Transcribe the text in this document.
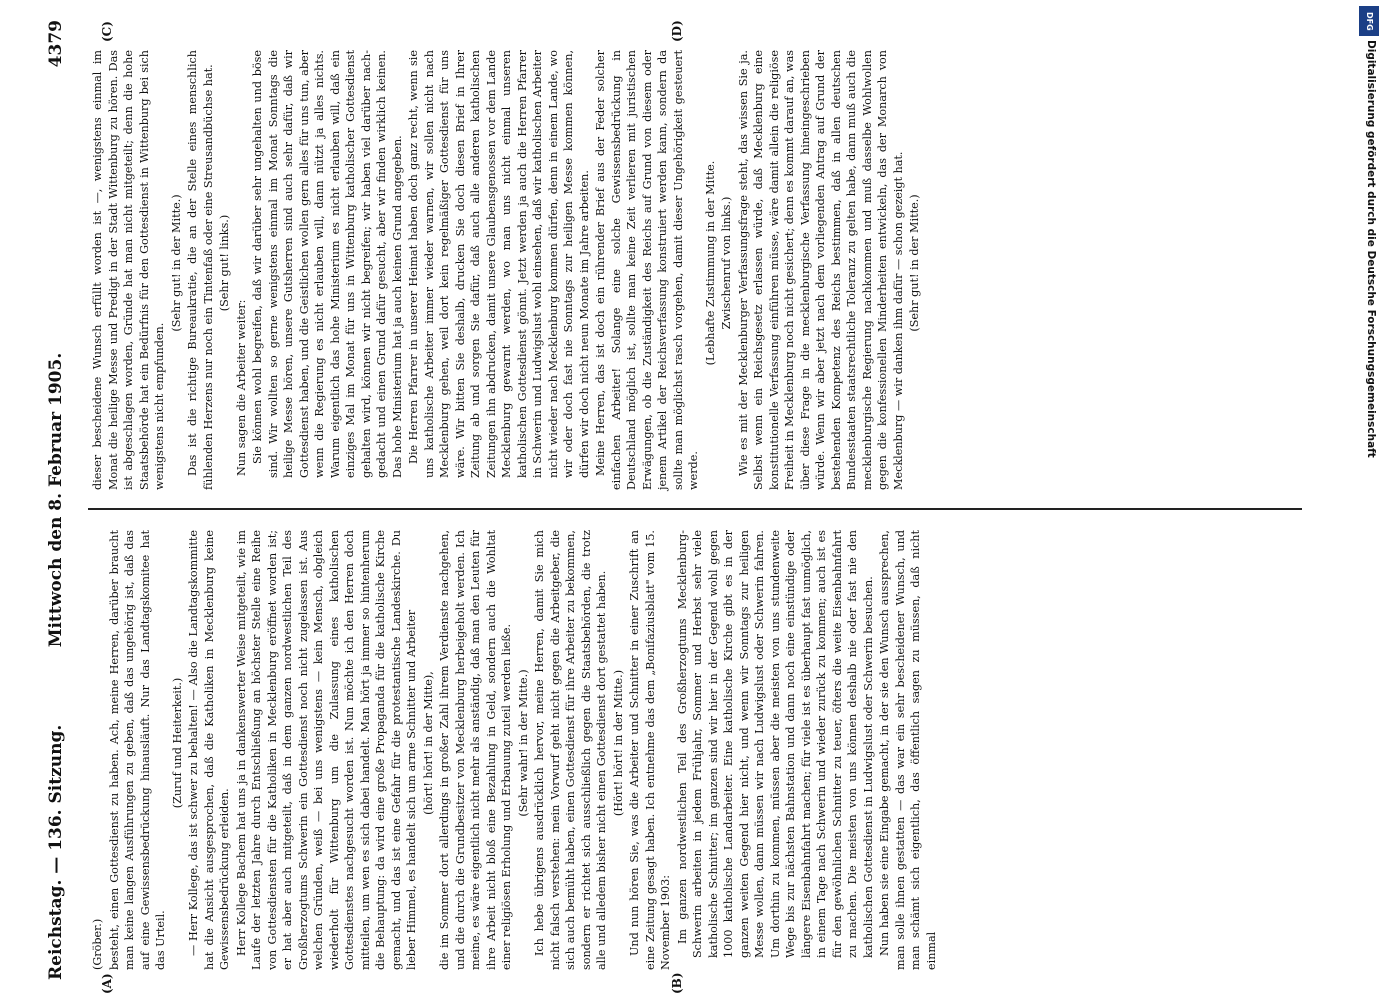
Reichstag. — 136. Sitzung.
Mittwoch den 8. Februar 1905.
4379
(A)	(B)
(C)	(D)

(Gröber.) besteht, einen Gottesdienst zu haben. Ach, meine Herren, darüber braucht man keine langen Ausführungen zu geben, daß das ungehörig ist, daß das auf eine Gewissensbedrückung hinausläuft. Nur das Landtagskomitee hat das Urteil.

(Zuruf und Heiterkeit.) — Herr Kollege, das ist schwer zu behalten! — Also die Landtagskommitte hat die Ansicht ausgesprochen, daß die Katholiken in Mecklenburg keine Gewissensbedrückung erleiden. Herr Kollege Bachem hat uns ja in dankenswerter Weise mitgeteilt, wie im Laufe der letzten Jahre durch Entschließung an höchster Stelle eine Reihe von Gottesdiensten für die Katholiken in Mecklenburg eröffnet worden ist; er hat aber auch mitgeteilt, daß in dem ganzen nordwestlichen Teil des Großherzogtums Schwerin ein Gottesdienst noch nicht zugelassen ist. Aus welchen Gründen, weiß — bei uns wenigstens — kein Mensch, obgleich wiederholt für Wittenburg um die Zulassung eines katholischen Gottesdienstes nachgesucht worden ist. Nun möchte ich den Herren doch mitteilen, um wen es sich dabei handelt. Man hört ja immer so hintenherum die Behauptung: da wird eine große Propaganda für die katholische Kirche gemacht, und das ist eine Gefahr für die protestantische Landeskirche. Du lieber Himmel, es handelt sich um arme Schnitter und Arbeiter (hört! hört! in der Mitte), die im Sommer dort allerdings in großer Zahl ihrem Verdienste nachgehen, und die durch die Grundbesitzer von Mecklenburg herbeigeholt werden. Ich meine, es wäre eigentlich nicht mehr als anständig, daß man den Leuten für ihre Arbeit nicht bloß eine Bezahlung in Geld, sondern auch die Wohltat einer religiösen Erholung und Erbauung zuteil werden ließe. (Sehr wahr! in der Mitte.) Ich hebe übrigens ausdrücklich hervor, meine Herren, damit Sie mich nicht falsch verstehen: mein Vorwurf geht nicht gegen die Arbeitgeber, die sich auch bemüht haben, einen Gottesdienst für ihre Arbeiter zu bekommen, sondern er richtet sich ausschließlich gegen die Staatsbehörden, die trotz alle und alledem bisher nicht einen Gottesdienst dort gestattet haben. (Hört! hört! in der Mitte.) Und nun hören Sie, was die Arbeiter und Schnitter in einer Zuschrift an eine Zeitung gesagt haben. Ich entnehme das dem „Bonifaziusblatt" vom 15. November 1903: Im ganzen nordwestlichen Teil des Großherzogtums Mecklenburg-Schwerin arbeiten in jedem Frühjahr, Sommer und Herbst sehr viele katholische Schnitter; im ganzen sind wir hier in der Gegend wohl gegen 1000 katholische Landarbeiter. Eine katholische Kirche gibt es in der ganzen weiten Gegend hier nicht, und wenn wir Sonntags zur heiligen Messe wollen, dann müssen wir nach Ludwigslust oder Schwerin fahren. Um dorthin zu kommen, müssen aber die meisten von uns stundenweite Wege bis zur nächsten Bahnstation und dann noch eine einstündige oder längere Eisenbahnfahrt machen; für viele ist es überhaupt fast unmöglich, in einem Tage nach Schwerin und wieder zurück zu kommen; auch ist es für den gewöhnlichen Schnitter zu teuer, öfters die weite Eisenbahnfahrt zu machen. Die meisten von uns können deshalb nie oder fast nie den katholischen Gottesdienst in Ludwigslust oder Schwerin besuchen. Nun haben sie eine Eingabe gemacht, in der sie den Wunsch aussprechen, man solle ihnen gestatten — das war ein sehr bescheidener Wunsch, und man schämt sich eigentlich, das öffentlich sagen zu müssen, daß nicht einmal

dieser bescheidene Wunsch erfüllt worden ist —, wenigstens einmal im Monat die heilige Messe und Predigt in der Stadt Wittenburg zu hören. Das ist abgeschlagen worden, Gründe hat man nicht mitgeteilt; denn die hohe Staatsbehörde hat ein Bedürfnis für den Gottesdienst in Wittenburg bei sich wenigstens nicht empfunden.

(Sehr gut! in der Mitte.) Das ist die richtige Bureaukratie, die an der Stelle eines menschlich fühlenden Herzens nur noch ein Tintenfaß oder eine Streusandbüchse hat. (Sehr gut! links.)

Nun sagen die Arbeiter weiter: Sie können wohl begreifen, daß wir darüber sehr ungehalten und böse sind. Wir wollten so gerne wenigstens einmal im Monat Sonntags die heilige Messe hören, unsere Gutsherren sind auch sehr dafür, daß wir Gottesdienst haben, und die Geistlichen wollen gern alles für uns tun, aber wenn die Regierung es nicht erlauben will, dann nützt ja alles nichts. Warum eigentlich das hohe Ministerium es nicht erlauben will, daß ein einziges Mal im Monat für uns in Wittenburg katholischer Gottesdienst gehalten wird, können wir nicht begreifen; wir haben viel darüber nachgedacht und einen Grund dafür gesucht, aber wir finden wirklich keinen. Das hohe Ministerium hat ja auch keinen Grund angegeben. Die Herren Pfarrer in unserer Heimat haben doch ganz recht, wenn sie uns katholische Arbeiter immer wieder warnen, wir sollen nicht nach Mecklenburg gehen, weil dort kein regelmäßiger Gottesdienst für uns wäre. Wir bitten Sie deshalb, drucken Sie doch diesen Brief in Ihrer Zeitung ab und sorgen Sie dafür, daß auch alle anderen katholischen Zeitungen ihn abdrucken, damit unsere Glaubensgenossen vor dem Lande Mecklenburg gewarnt werden, wo man uns nicht einmal unseren katholischen Gottesdienst gönnt. Jetzt werden ja auch die Herren Pfarrer in Schwerin und Ludwigslust wohl einsehen, daß wir katholischen Arbeiter nicht wieder nach Mecklenburg kommen dürfen, denn in einem Lande, wo wir oder doch fast nie Sonntags zur heiligen Messe kommen können, dürfen wir doch nicht neun Monate im Jahre arbeiten. Meine Herren, das ist doch ein rührender Brief aus der Feder solcher einfachen Arbeiter! Solange eine solche Gewissensbedrückung in Deutschland möglich ist, sollte man keine Zeit verlieren mit juristischen Erwägungen, ob die Zuständigkeit des Reichs auf Grund von diesem oder jenem Artikel der Reichsverfassung konstruiert werden kann, sondern da sollte man möglichst rasch vorgehen, damit dieser Ungehörigkeit gesteuert werde.

(Lebhafte Zustimmung in der Mitte. Zwischenruf von links.) Wie es mit der Mecklenburger Verfassungsfrage steht, das wissen Sie ja. Selbst wenn ein Reichsgesetz erlassen würde, daß Mecklenburg eine konstitutionelle Verfassung einführen müsse, wäre damit allein die religiöse Freiheit in Mecklenburg noch nicht gesichert; denn es kommt darauf an, was über diese Frage in die mecklenburgische Verfassung hineingeschrieben würde. Wenn wir aber jetzt nach dem vorliegenden Antrag auf Grund der bestehenden Kompetenz des Reichs bestimmen, daß in allen deutschen Bundesstaaten staatsrechtliche Toleranz zu gelten habe, dann muß auch die mecklenburgische Regierung nachkommen und muß dasselbe Wohlwollen gegen die konfessionellen Minderheiten entwickeln, das der Monarch von Mecklenburg — wir danken ihm dafür — schon gezeigt hat. (Sehr gut! in der Mitte.)

DFG
Digitalisierung gefördert durch die Deutsche Forschungsgemeinschaft
